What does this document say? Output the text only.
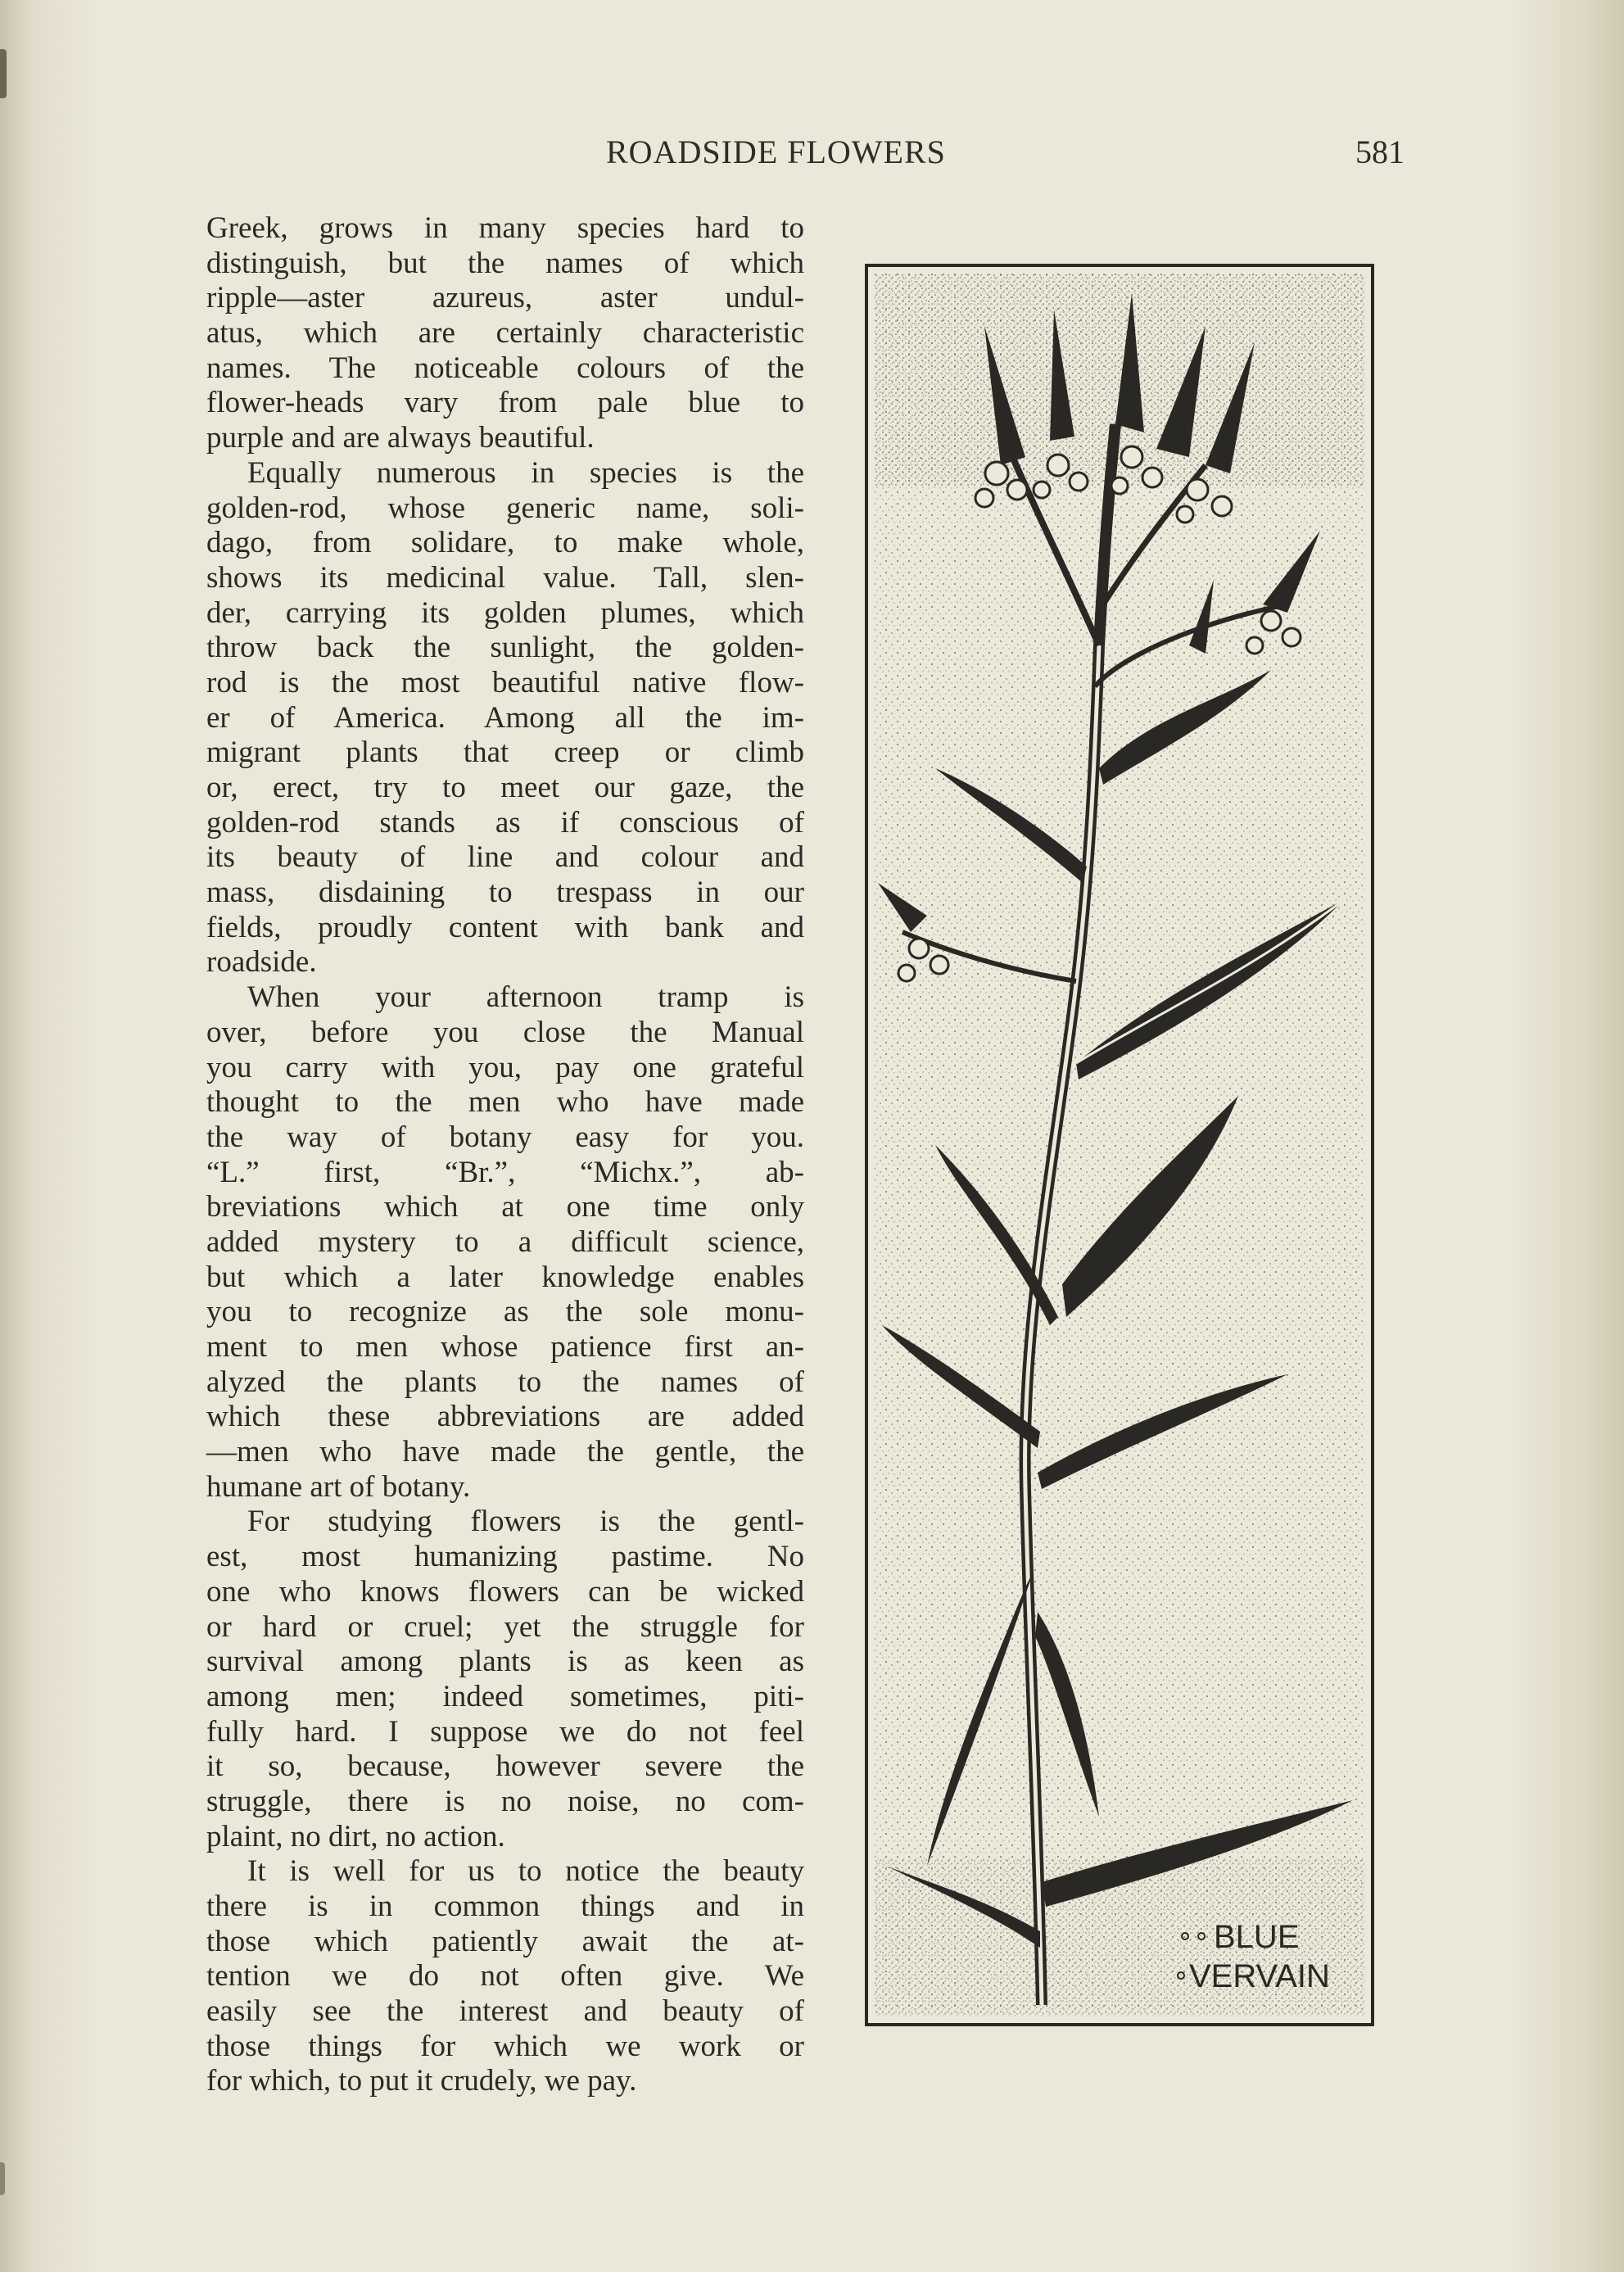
ROADSIDE FLOWERS	581
Greek, grows in many species hard to
distinguish, but the names of which
ripple—aster azureus, aster undul-
atus, which are certainly characteristic
names. The noticeable colours of the
flower-heads vary from pale blue to
purple and are always beautiful.
Equally numerous in species is the
golden-rod, whose generic name, soli-
dago, from solidare, to make whole,
shows its medicinal value. Tall, slen-
der, carrying its golden plumes, which
throw back the sunlight, the golden-
rod is the most beautiful native flow-
er of America. Among all the im-
migrant plants that creep or climb
or, erect, try to meet our gaze, the
golden-rod stands as if conscious of
its beauty of line and colour and
mass, disdaining to trespass in our
fields, proudly content with bank and
roadside.
When your afternoon tramp is
over, before you close the Manual
you carry with you, pay one grateful
thought to the men who have made
the way of botany easy for you.
“L.” first, “Br.”, “Michx.”, ab-
breviations which at one time only
added mystery to a difficult science,
but which a later knowledge enables
you to recognize as the sole monu-
ment to men whose patience first an-
alyzed the plants to the names of
which these abbreviations are added
—men who have made the gentle, the
humane art of botany.
For studying flowers is the gentl-
est, most humanizing pastime. No
one who knows flowers can be wicked
or hard or cruel; yet the struggle for
survival among plants is as keen as
among men; indeed sometimes, piti-
fully hard. I suppose we do not feel
it so, because, however severe the
struggle, there is no noise, no com-
plaint, no dirt, no action.
It is well for us to notice the beauty
there is in common things and in
those which patiently await the at-
tention we do not often give. We
easily see the interest and beauty of
those things for which we work or
for which, to put it crudely, we pay.
BLUE
VERVAIN
